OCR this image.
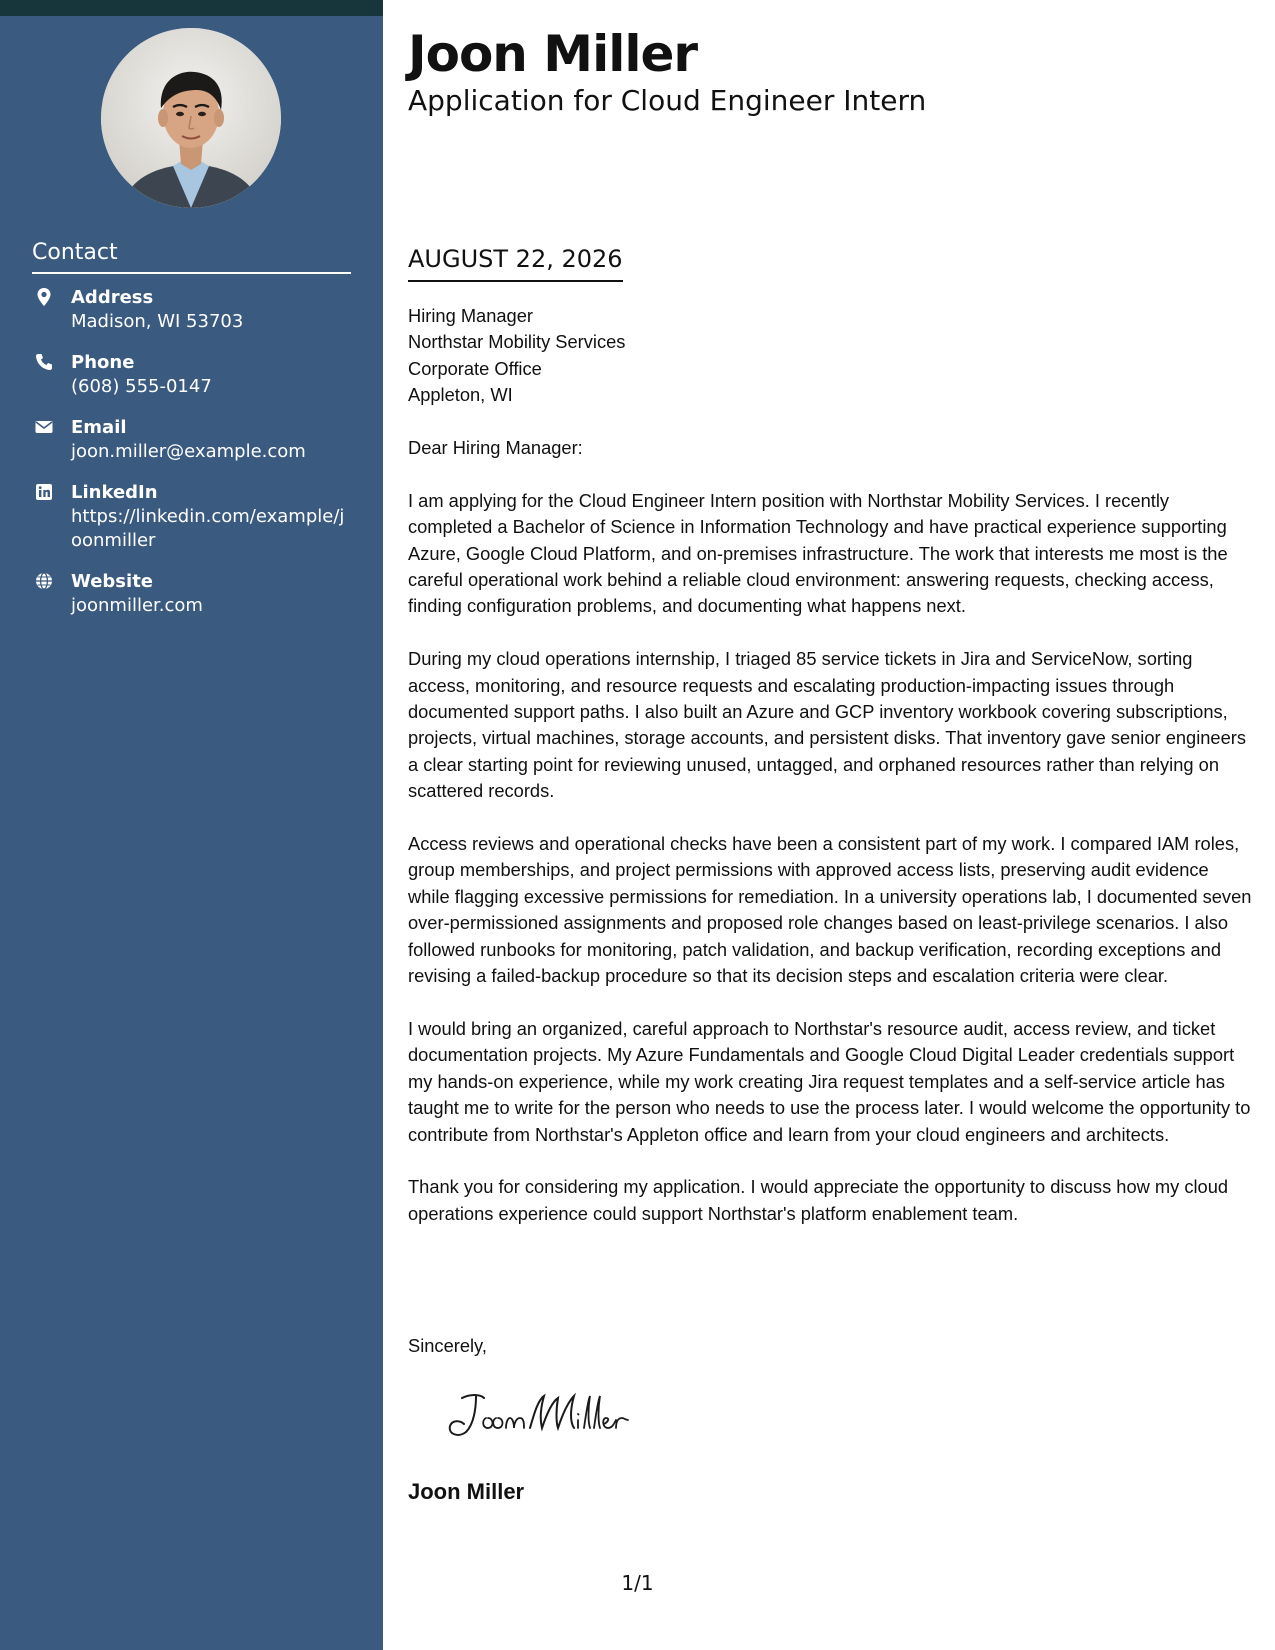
Contact
Address
Madison, WI 53703
Phone
(608) 555-0147
Email
joon.miller@example.com
LinkedIn
https://linkedin.com/example/joonmiller
Website
joonmiller.com
Joon Miller
Application for Cloud Engineer Intern
AUGUST 22, 2026

Hiring Manager
Northstar Mobility Services
Corporate Office
Appleton, WI

Dear Hiring Manager:

I am applying for the Cloud Engineer Intern position with Northstar Mobility Services. I recently completed a Bachelor of Science in Information Technology and have practical experience supporting Azure, Google Cloud Platform, and on-premises infrastructure. The work that interests me most is the careful operational work behind a reliable cloud environment: answering requests, checking access, finding configuration problems, and documenting what happens next.

During my cloud operations internship, I triaged 85 service tickets in Jira and ServiceNow, sorting access, monitoring, and resource requests and escalating production-impacting issues through documented support paths. I also built an Azure and GCP inventory workbook covering subscriptions, projects, virtual machines, storage accounts, and persistent disks. That inventory gave senior engineers a clear starting point for reviewing unused, untagged, and orphaned resources rather than relying on scattered records.

Access reviews and operational checks have been a consistent part of my work. I compared IAM roles, group memberships, and project permissions with approved access lists, preserving audit evidence while flagging excessive permissions for remediation. In a university operations lab, I documented seven over-permissioned assignments and proposed role changes based on least-privilege scenarios. I also followed runbooks for monitoring, patch validation, and backup verification, recording exceptions and revising a failed-backup procedure so that its decision steps and escalation criteria were clear.

I would bring an organized, careful approach to Northstar's resource audit, access review, and ticket documentation projects. My Azure Fundamentals and Google Cloud Digital Leader credentials support my hands-on experience, while my work creating Jira request templates and a self-service article has taught me to write for the person who needs to use the process later. I would welcome the opportunity to contribute from Northstar's Appleton office and learn from your cloud engineers and architects.

Thank you for considering my application. I would appreciate the opportunity to discuss how my cloud operations experience could support Northstar's platform enablement team.

Sincerely,
Joon Miller
1/1
